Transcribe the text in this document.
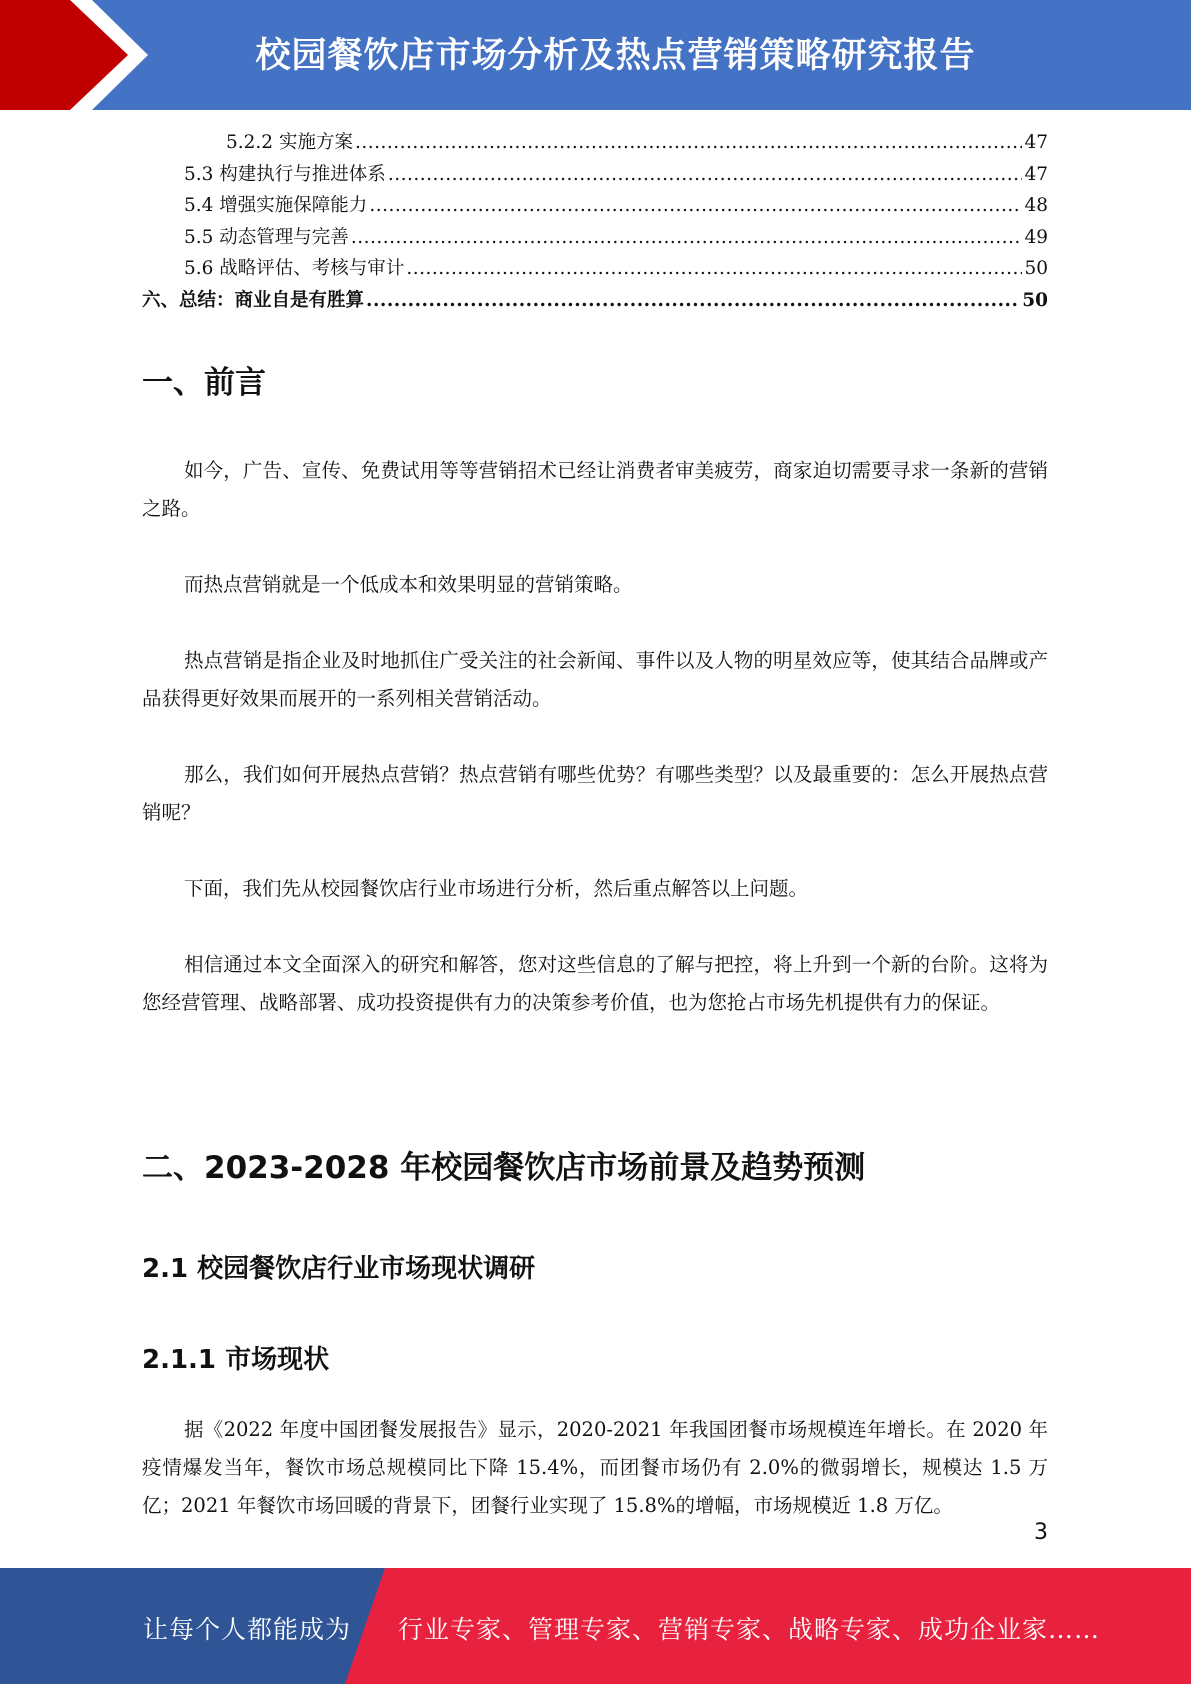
校园餐饮店市场分析及热点营销策略研究报告
5.2.2 实施方案 .....	47
5.3 构建执行与推进体系 .....	47
5.4 增强实施保障能力 .....	48
5.5 动态管理与完善 .....	49
5.6 战略评估、考核与审计 .....	50
六、总结：商业自是有胜算 .....	50
一、前言

如今，广告、宣传、免费试用等等营销招术已经让消费者审美疲劳，商家迫切需要寻求一条新的营销之路。

而热点营销就是一个低成本和效果明显的营销策略。

热点营销是指企业及时地抓住广受关注的社会新闻、事件以及人物的明星效应等，使其结合品牌或产品获得更好效果而展开的一系列相关营销活动。

那么，我们如何开展热点营销？热点营销有哪些优势？有哪些类型？以及最重要的：怎么开展热点营销呢？

下面，我们先从校园餐饮店行业市场进行分析，然后重点解答以上问题。

相信通过本文全面深入的研究和解答，您对这些信息的了解与把控，将上升到一个新的台阶。这将为您经营管理、战略部署、成功投资提供有力的决策参考价值，也为您抢占市场先机提供有力的保证。

二、2023-2028 年校园餐饮店市场前景及趋势预测
2.1 校园餐饮店行业市场现状调研
2.1.1 市场现状

据《2022 年度中国团餐发展报告》显示，2020-2021 年我国团餐市场规模连年增长。在 2020 年疫情爆发当年，餐饮市场总规模同比下降 15.4%，而团餐市场仍有 2.0%的微弱增长，规模达 1.5 万亿；2021 年餐饮市场回暖的背景下，团餐行业实现了 15.8%的增幅，市场规模近 1.8 万亿。

3
让每个人都能成为 行业专家、管理专家、营销专家、战略专家、成功企业家……
